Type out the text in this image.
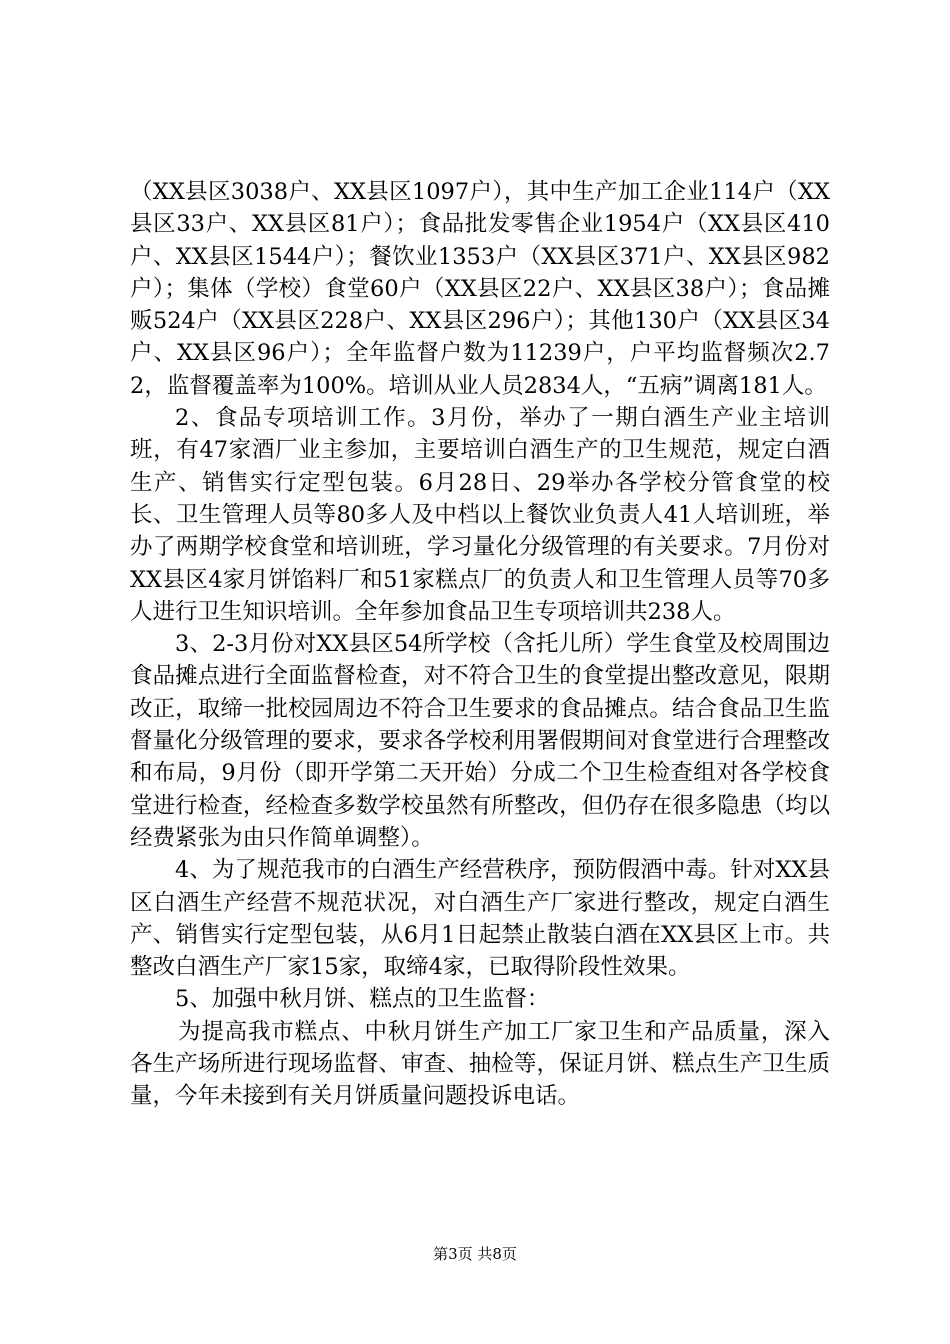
（XX县区3038户、XX县区1097户），其中生产加工企业114户（XX县区33户、XX县区81户）；食品批发零售企业1954户（XX县区410户、XX县区1544户）；餐饮业1353户（XX县区371户、XX县区982户）；集体（学校）食堂60户（XX县区22户、XX县区38户）；食品摊贩524户（XX县区228户、XX县区296户）；其他130户（XX县区34户、XX县区96户）；全年监督户数为11239户，户平均监督频次2.72，监督覆盖率为100%。培训从业人员2834人，“五病”调离181人。

2、食品专项培训工作。3月份，举办了一期白酒生产业主培训班，有47家酒厂业主参加，主要培训白酒生产的卫生规范，规定白酒生产、销售实行定型包装。6月28日、29举办各学校分管食堂的校长、卫生管理人员等80多人及中档以上餐饮业负责人41人培训班，举办了两期学校食堂和培训班，学习量化分级管理的有关要求。7月份对XX县区4家月饼馅料厂和51家糕点厂的负责人和卫生管理人员等70多人进行卫生知识培训。全年参加食品卫生专项培训共238人。

3、2-3月份对XX县区54所学校（含托儿所）学生食堂及校周围边食品摊点进行全面监督检查，对不符合卫生的食堂提出整改意见，限期改正，取缔一批校园周边不符合卫生要求的食品摊点。结合食品卫生监督量化分级管理的要求，要求各学校利用署假期间对食堂进行合理整改和布局，9月份（即开学第二天开始）分成二个卫生检查组对各学校食堂进行检查，经检查多数学校虽然有所整改，但仍存在很多隐患（均以经费紧张为由只作简单调整）。

4、为了规范我市的白酒生产经营秩序，预防假酒中毒。针对XX县区白酒生产经营不规范状况，对白酒生产厂家进行整改，规定白酒生产、销售实行定型包装，从6月1日起禁止散装白酒在XX县区上市。共整改白酒生产厂家15家，取缔4家，已取得阶段性效果。

5、加强中秋月饼、糕点的卫生监督：

为提高我市糕点、中秋月饼生产加工厂家卫生和产品质量，深入各生产场所进行现场监督、审查、抽检等，保证月饼、糕点生产卫生质量，今年未接到有关月饼质量问题投诉电话。

第3页 共8页
